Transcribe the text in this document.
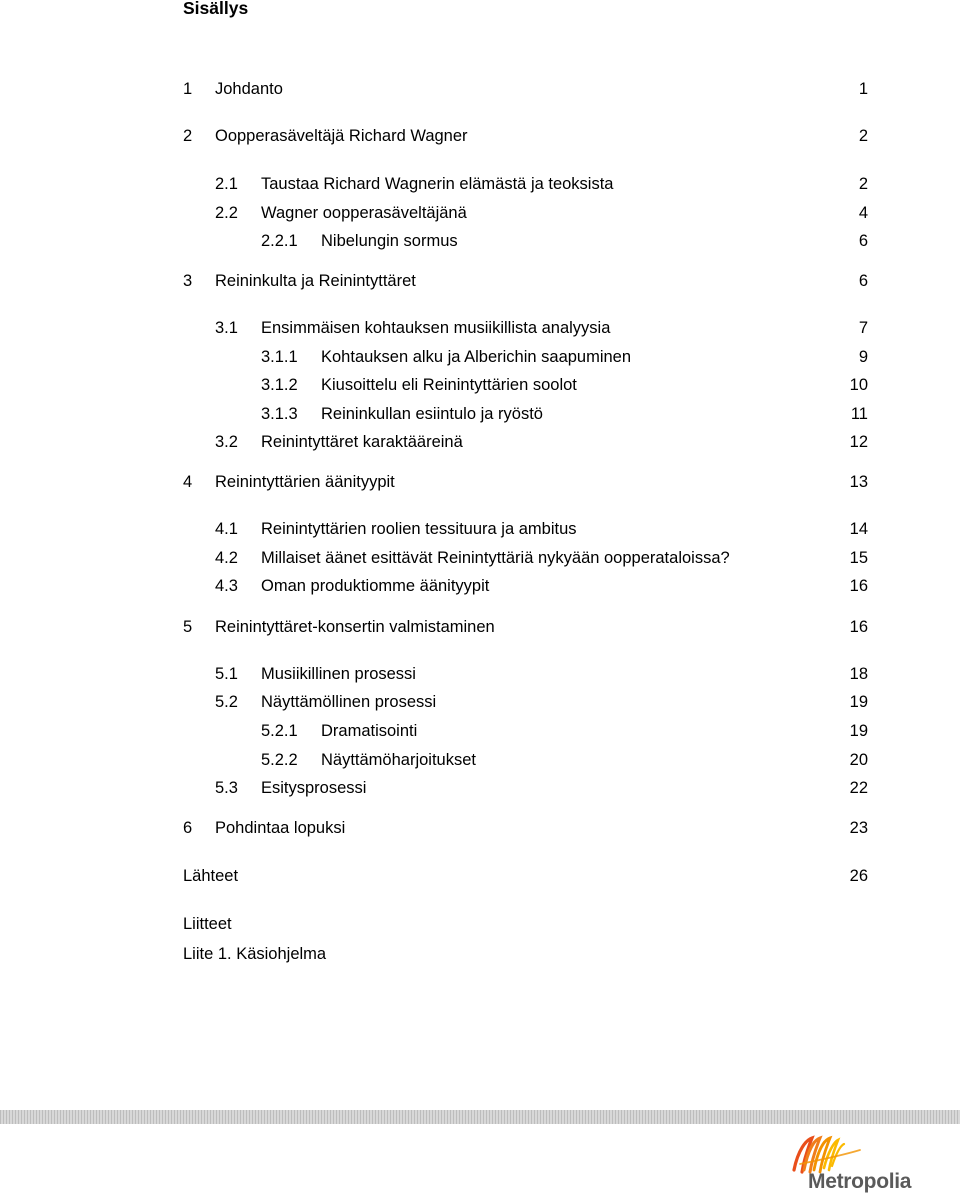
Sisällys
1 Johdanto	1
2 Oopperasäveltäjä Richard Wagner	2
2.1 Taustaa Richard Wagnerin elämästä ja teoksista	2
2.2 Wagner oopperasäveltäjänä	4
2.2.1 Nibelungin sormus	6
3 Reininkulta ja Reinintyttäret	6
3.1 Ensimmäisen kohtauksen musiikillista analyysia	7
3.1.1 Kohtauksen alku ja Alberichin saapuminen	9
3.1.2 Kiusoittelu eli Reinintyttärien soolot	10
3.1.3 Reininkullan esiintulo ja ryöstö	11
3.2 Reinintyttäret karaktääreinä	12
4 Reinintyttärien äänityypit	13
4.1 Reinintyttärien roolien tessituura ja ambitus	14
4.2 Millaiset äänet esittävät Reinintyttäriä nykyään oopperataloissa?	15
4.3 Oman produktiomme äänityypit	16
5 Reinintyttäret-konsertin valmistaminen	16
5.1 Musiikillinen prosessi	18
5.2 Näyttämöllinen prosessi	19
5.2.1 Dramatisointi	19
5.2.2 Näyttämöharjoitukset	20
5.3 Esitysprosessi	22
6 Pohdintaa lopuksi	23
Lähteet	26
Liitteet
Liite 1. Käsiohjelma
Metropolia
